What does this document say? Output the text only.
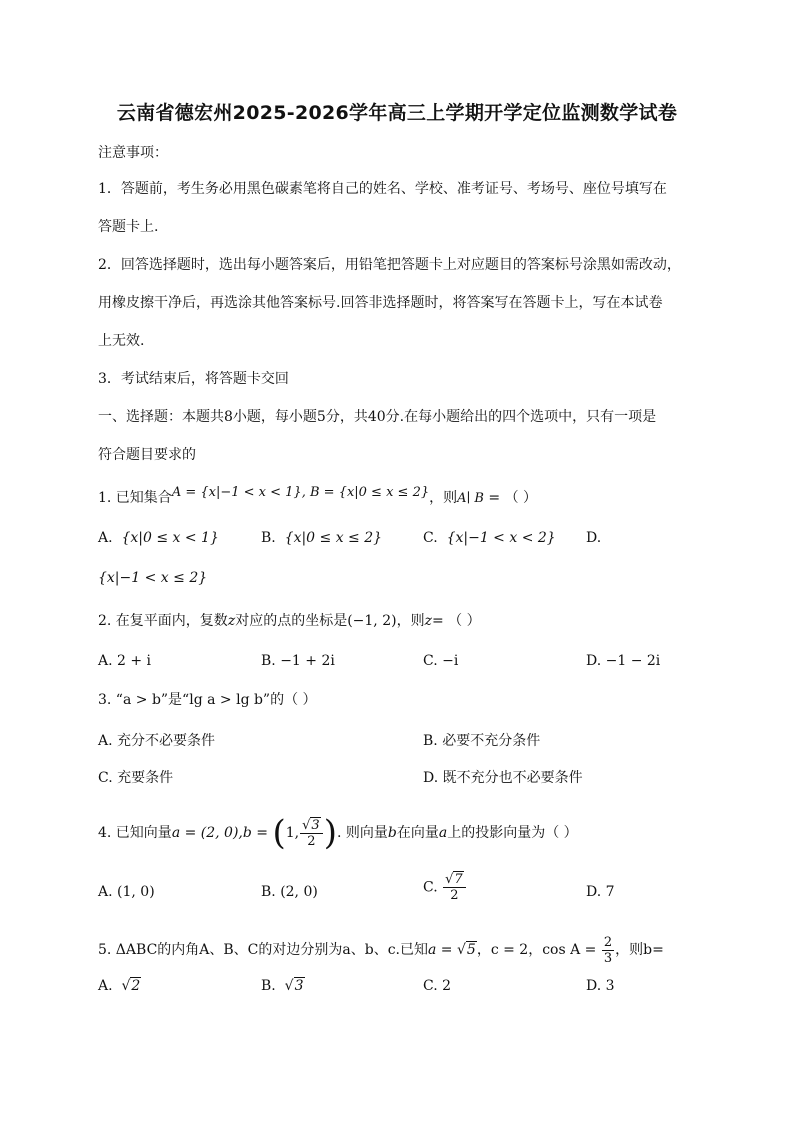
云南省德宏州2025-2026学年高三上学期开学定位监测数学试卷
注意事项：
1．答题前，考生务必用黑色碳素笔将自己的姓名、学校、准考证号、考场号、座位号填写在
答题卡上.
2．回答选择题时，选出每小题答案后，用铅笔把答题卡上对应题目的答案标号涂黑如需改动，
用橡皮擦干净后，再选涂其他答案标号.回答非选择题时，将答案写在答题卡上，写在本试卷
上无效.
3．考试结束后，将答题卡交回
一、选择题：本题共8小题，每小题5分，共40分.在每小题给出的四个选项中，只有一项是
符合题目要求的
1. 已知集合A = {x|−1 < x < 1}, B = {x|0 ≤ x ≤ 2}，则A∣ B = （ ）
A. {x|0 ≤ x < 1}	B. {x|0 ≤ x ≤ 2}	C. {x|−1 < x < 2} D.
{x|−1 < x ≤ 2}
2. 在复平面内，复数z对应的点的坐标是(−1, 2)，则z= （ ）
A. 2 + i	B. −1 + 2i	C. −i	D. −1 − 2i
3. “a > b”是“lg a > lg b”的（ ）
A. 充分不必要条件	B. 必要不充分条件
C. 充要条件	D. 既不充分也不必要条件
4. 已知向量a = (2, 0),b = (1, $\frac{√3}{2}$ ). 则向量b在向量a上的投影向量为（ ）
A. (1, 0)	B. (2, 0)	C. $\frac{√7}{2}$	D. 7
5. ΔABC的内角A、B、C的对边分别为a、b、c.已知a = √5，c = 2，$\cos A = \frac{2}{3}$ ，则b=
A. √2	B. √3	C. 2	D. 3
